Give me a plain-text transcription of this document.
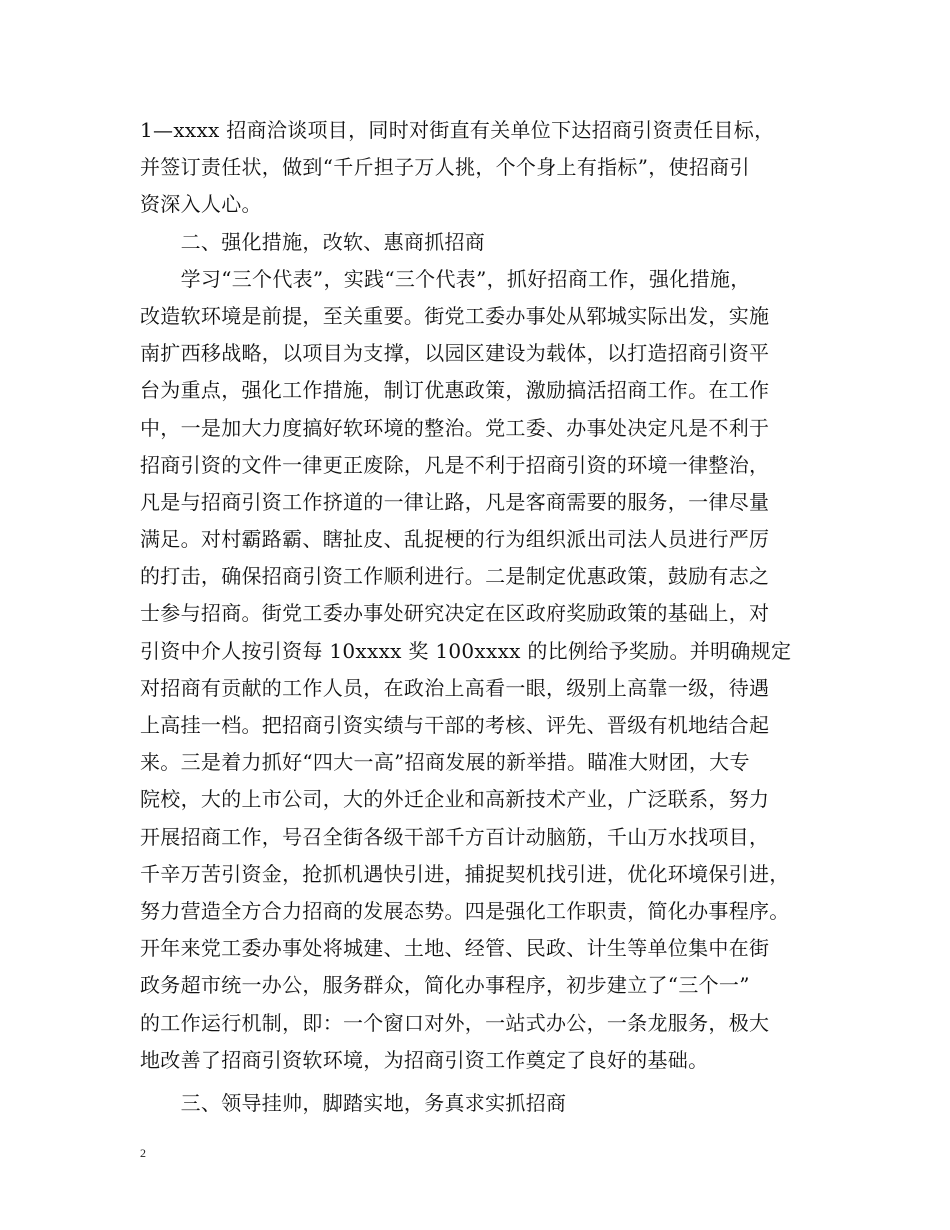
1—xxxx 招商洽谈项目，同时对街直有关单位下达招商引资责任目标，
并签订责任状，做到“千斤担子万人挑，个个身上有指标”，使招商引
资深入人心。
　　二、强化措施，改软、惠商抓招商
　　学习“三个代表”，实践“三个代表”，抓好招商工作，强化措施，
改造软环境是前提，至关重要。街党工委办事处从郓城实际出发，实施
南扩西移战略，以项目为支撑，以园区建设为载体，以打造招商引资平
台为重点，强化工作措施，制订优惠政策，激励搞活招商工作。在工作
中，一是加大力度搞好软环境的整治。党工委、办事处决定凡是不利于
招商引资的文件一律更正废除，凡是不利于招商引资的环境一律整治，
凡是与招商引资工作挤道的一律让路，凡是客商需要的服务，一律尽量
满足。对村霸路霸、瞎扯皮、乱捉梗的行为组织派出司法人员进行严厉
的打击，确保招商引资工作顺利进行。二是制定优惠政策，鼓励有志之
士参与招商。街党工委办事处研究决定在区政府奖励政策的基础上，对
引资中介人按引资每 10xxxx 奖 100xxxx 的比例给予奖励。并明确规定
对招商有贡献的工作人员，在政治上高看一眼，级别上高靠一级，待遇
上高挂一档。把招商引资实绩与干部的考核、评先、晋级有机地结合起
来。三是着力抓好“四大一高”招商发展的新举措。瞄准大财团，大专
院校，大的上市公司，大的外迁企业和高新技术产业，广泛联系，努力
开展招商工作，号召全街各级干部千方百计动脑筋，千山万水找项目，
千辛万苦引资金，抢抓机遇快引进，捕捉契机找引进，优化环境保引进，
努力营造全方合力招商的发展态势。四是强化工作职责，简化办事程序。
开年来党工委办事处将城建、土地、经管、民政、计生等单位集中在街
政务超市统一办公，服务群众，简化办事程序，初步建立了“三个一”
的工作运行机制，即：一个窗口对外，一站式办公，一条龙服务，极大
地改善了招商引资软环境，为招商引资工作奠定了良好的基础。
　　三、领导挂帅，脚踏实地，务真求实抓招商
2
